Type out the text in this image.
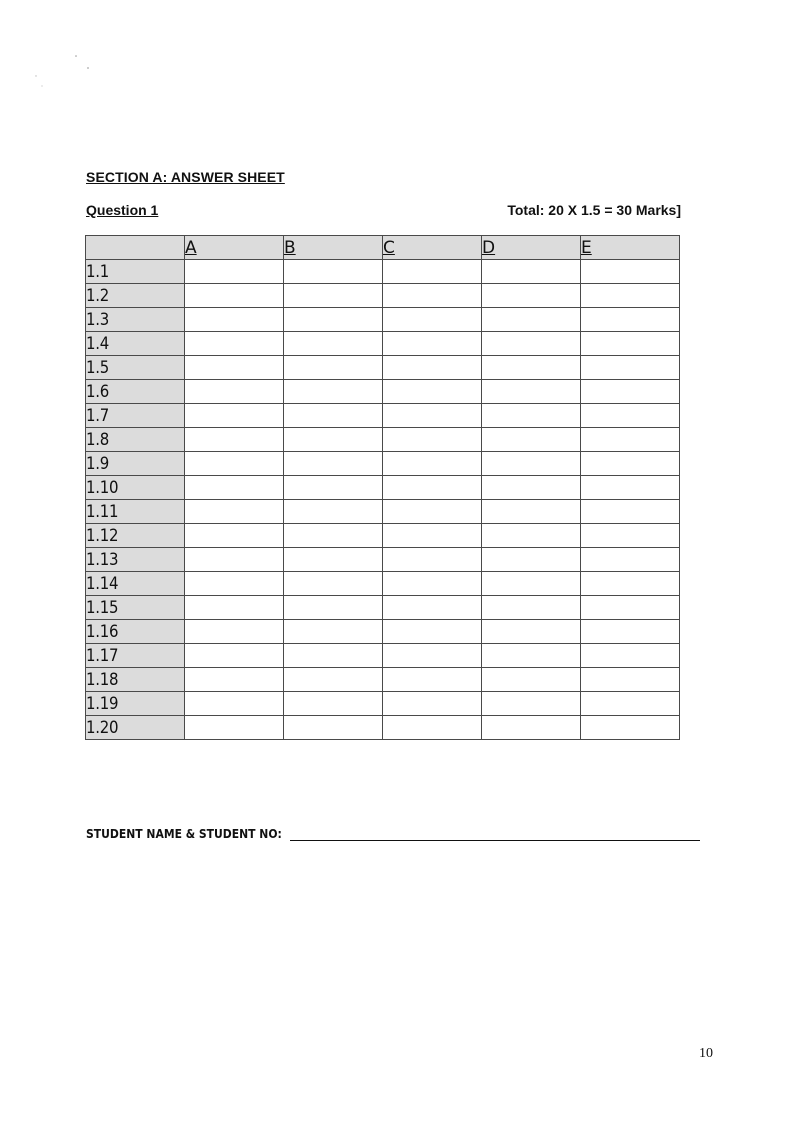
SECTION A: ANSWER SHEET
Question 1	Total: 20 X 1.5 = 30 Marks]
	A	B	C	D	E
1.1					
1.2					
1.3					
1.4					
1.5					
1.6					
1.7					
1.8					
1.9					
1.10					
1.11					
1.12					
1.13					
1.14					
1.15					
1.16					
1.17					
1.18					
1.19					
1.20					
STUDENT NAME & STUDENT NO:
10
